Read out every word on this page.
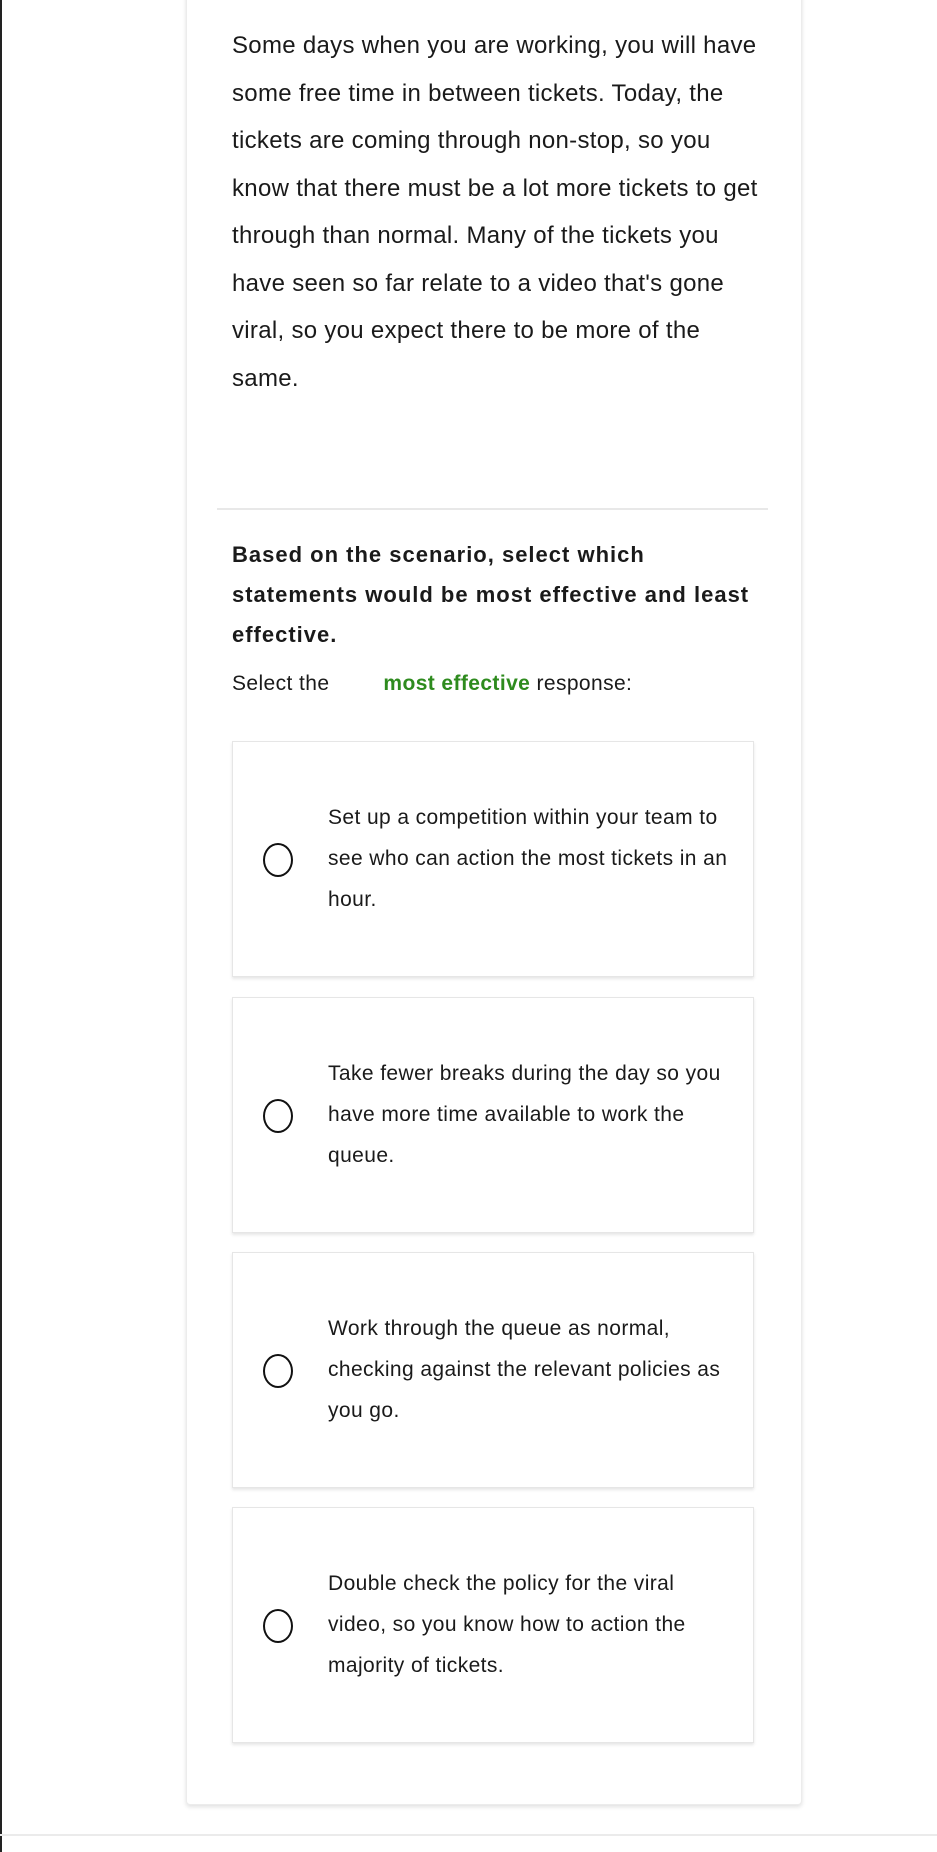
Some days when you are working, you will have some free time in between tickets. Today, the tickets are coming through non-stop, so you know that there must be a lot more tickets to get through than normal. Many of the tickets you have seen so far relate to a video that's gone viral, so you expect there to be more of the same.

Based on the scenario, select which statements would be most effective and least effective.

Select the	most effective response:
Set up a competition within your team to see who can action the most tickets in an hour.
Take fewer breaks during the day so you have more time available to work the queue.
Work through the queue as normal, checking against the relevant policies as you go.
Double check the policy for the viral video, so you know how to action the majority of tickets.
